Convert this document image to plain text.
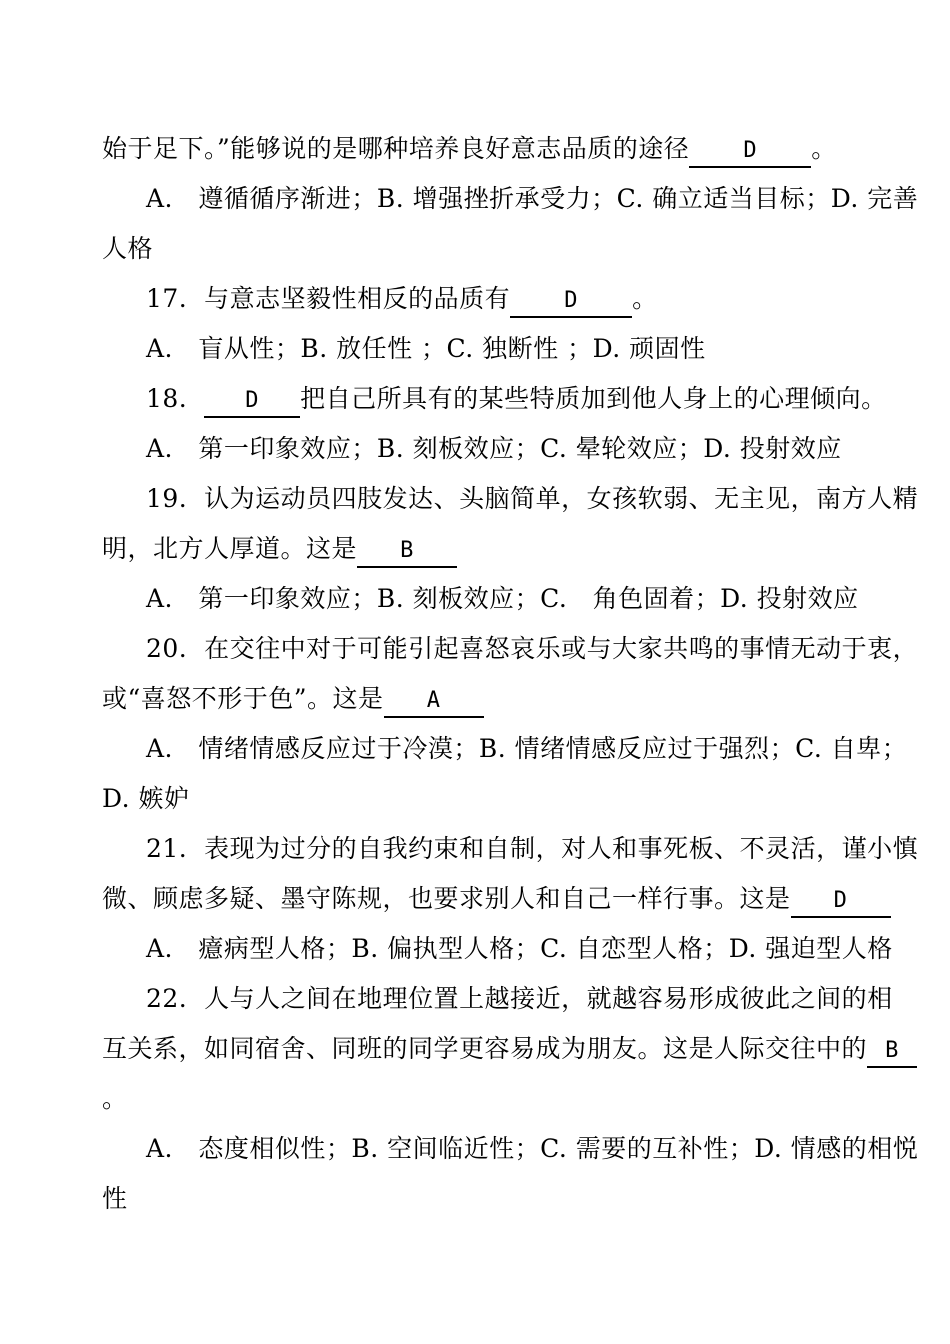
始于足下。”能够说的是哪种培养良好意志品质的途径 D 。
A.   遵循循序渐进；B. 增强挫折承受力；C. 确立适当目标；D. 完善
人格
17.  与意志坚毅性相反的品质有 D 。
A.   盲从性；B. 放任性 ；C. 独断性 ；D. 顽固性
18.  D 把自己所具有的某些特质加到他人身上的心理倾向。
A.   第一印象效应；B. 刻板效应；C. 晕轮效应；D. 投射效应
19.  认为运动员四肢发达、头脑简单，女孩软弱、无主见，南方人精
明，北方人厚道。这是 B
A.   第一印象效应；B. 刻板效应；C.   角色固着；D. 投射效应
20.  在交往中对于可能引起喜怒哀乐或与大家共鸣的事情无动于衷，
或“喜怒不形于色”。这是 A
A.   情绪情感反应过于冷漠；B. 情绪情感反应过于强烈；C. 自卑；
D. 嫉妒
21.  表现为过分的自我约束和自制，对人和事死板、不灵活，谨小慎
微、顾虑多疑、墨守陈规，也要求别人和自己一样行事。这是 D
A.   癔病型人格；B. 偏执型人格；C. 自恋型人格；D. 强迫型人格
22.  人与人之间在地理位置上越接近，就越容易形成彼此之间的相
互关系，如同宿舍、同班的同学更容易成为朋友。这是人际交往中的 B
。
A.   态度相似性；B. 空间临近性；C. 需要的互补性；D. 情感的相悦
性
